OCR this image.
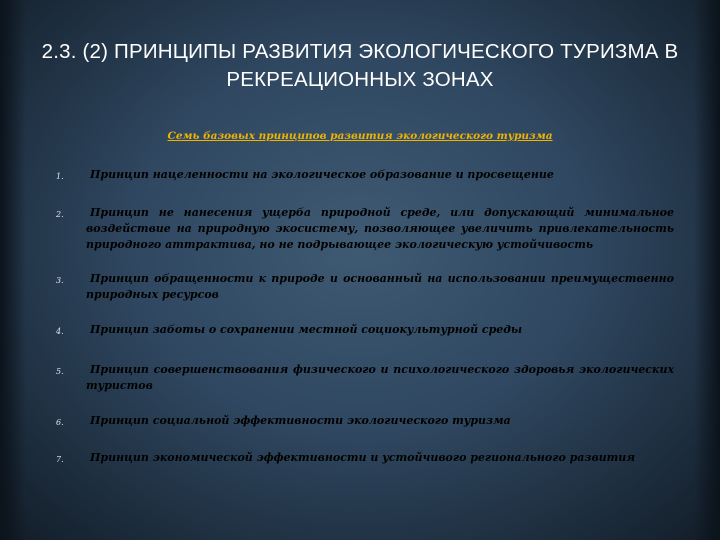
2.3. (2) ПРИНЦИПЫ РАЗВИТИЯ ЭКОЛОГИЧЕСКОГО ТУРИЗМА В РЕКРЕАЦИОННЫХ ЗОНАХ
Семь базовых принципов развития экологического туризма
1.	Принцип нацеленности на экологическое образование и просвещение
2.	Принцип не нанесения ущерба природной среде, или допускающий минимальное воздействие на природную экосистему, позволяющее увеличить привлекательность природного аттрактива, но не подрывающее экологическую устойчивость
3.	Принцип обращенности к природе и основанный на использовании преимущественно природных ресурсов
4.	Принцип заботы о сохранении местной социокультурной среды
5.	Принцип совершенствования физического и психологического здоровья экологических туристов
6.	Принцип социальной эффективности экологического туризма
7.	Принцип экономической эффективности и устойчивого регионального развития
